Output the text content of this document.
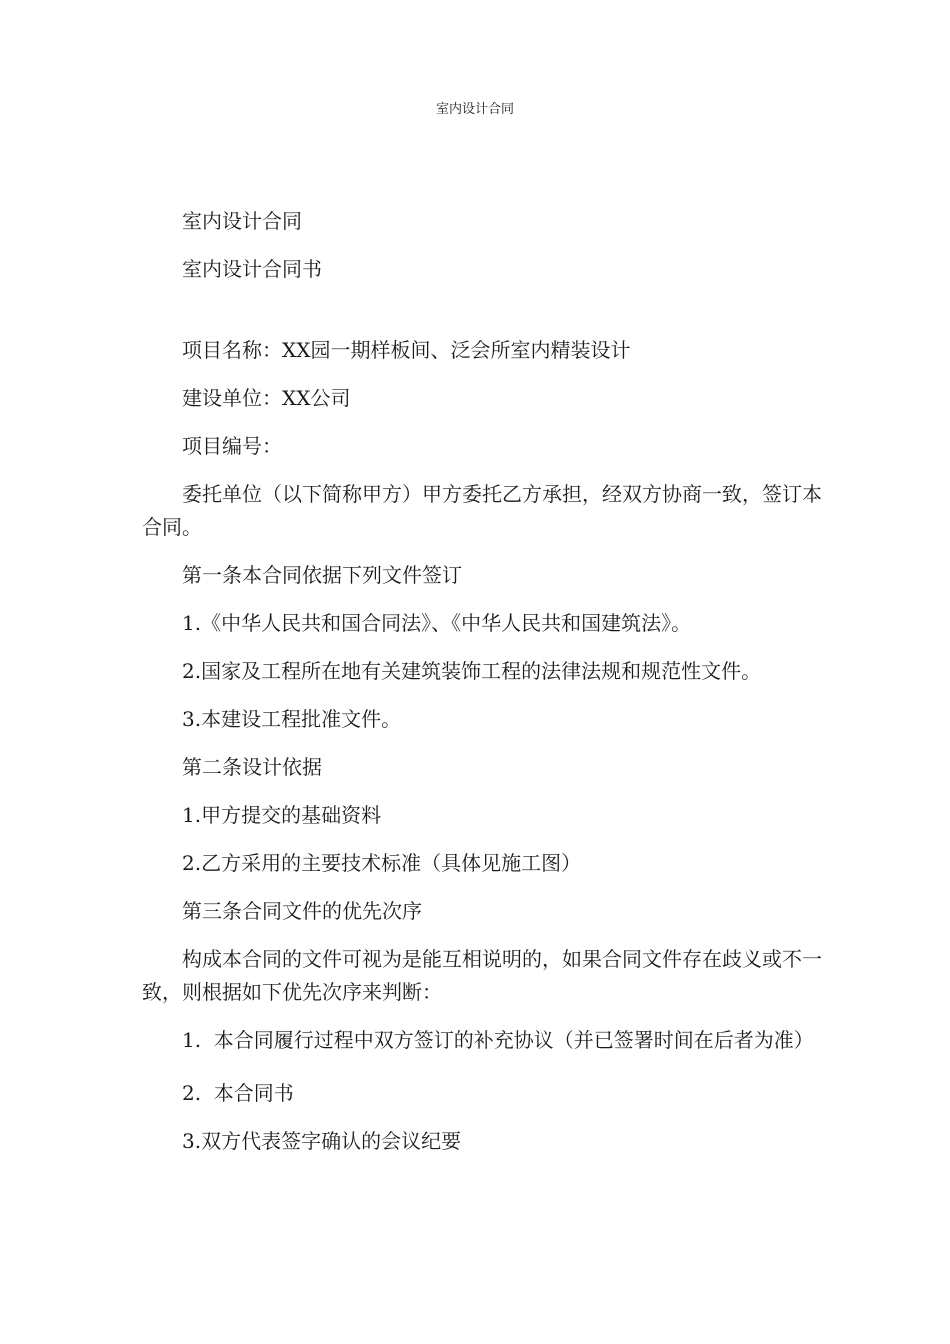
室内设计合同

室内设计合同

室内设计合同书

项目名称：XX园一期样板间、泛会所室内精装设计

建设单位：XX公司

项目编号：

委托单位（以下简称甲方）甲方委托乙方承担，经双方协商一致，签订本合同。

第一条本合同依据下列文件签订

1.《中华人民共和国合同法》、《中华人民共和国建筑法》。

2.国家及工程所在地有关建筑装饰工程的法律法规和规范性文件。

3.本建设工程批准文件。

第二条设计依据

1.甲方提交的基础资料

2.乙方采用的主要技术标准（具体见施工图）

第三条合同文件的优先次序

构成本合同的文件可视为是能互相说明的，如果合同文件存在歧义或不一致，则根据如下优先次序来判断：

1.  本合同履行过程中双方签订的补充协议（并已签署时间在后者为准）

2.  本合同书

3.双方代表签字确认的会议纪要
